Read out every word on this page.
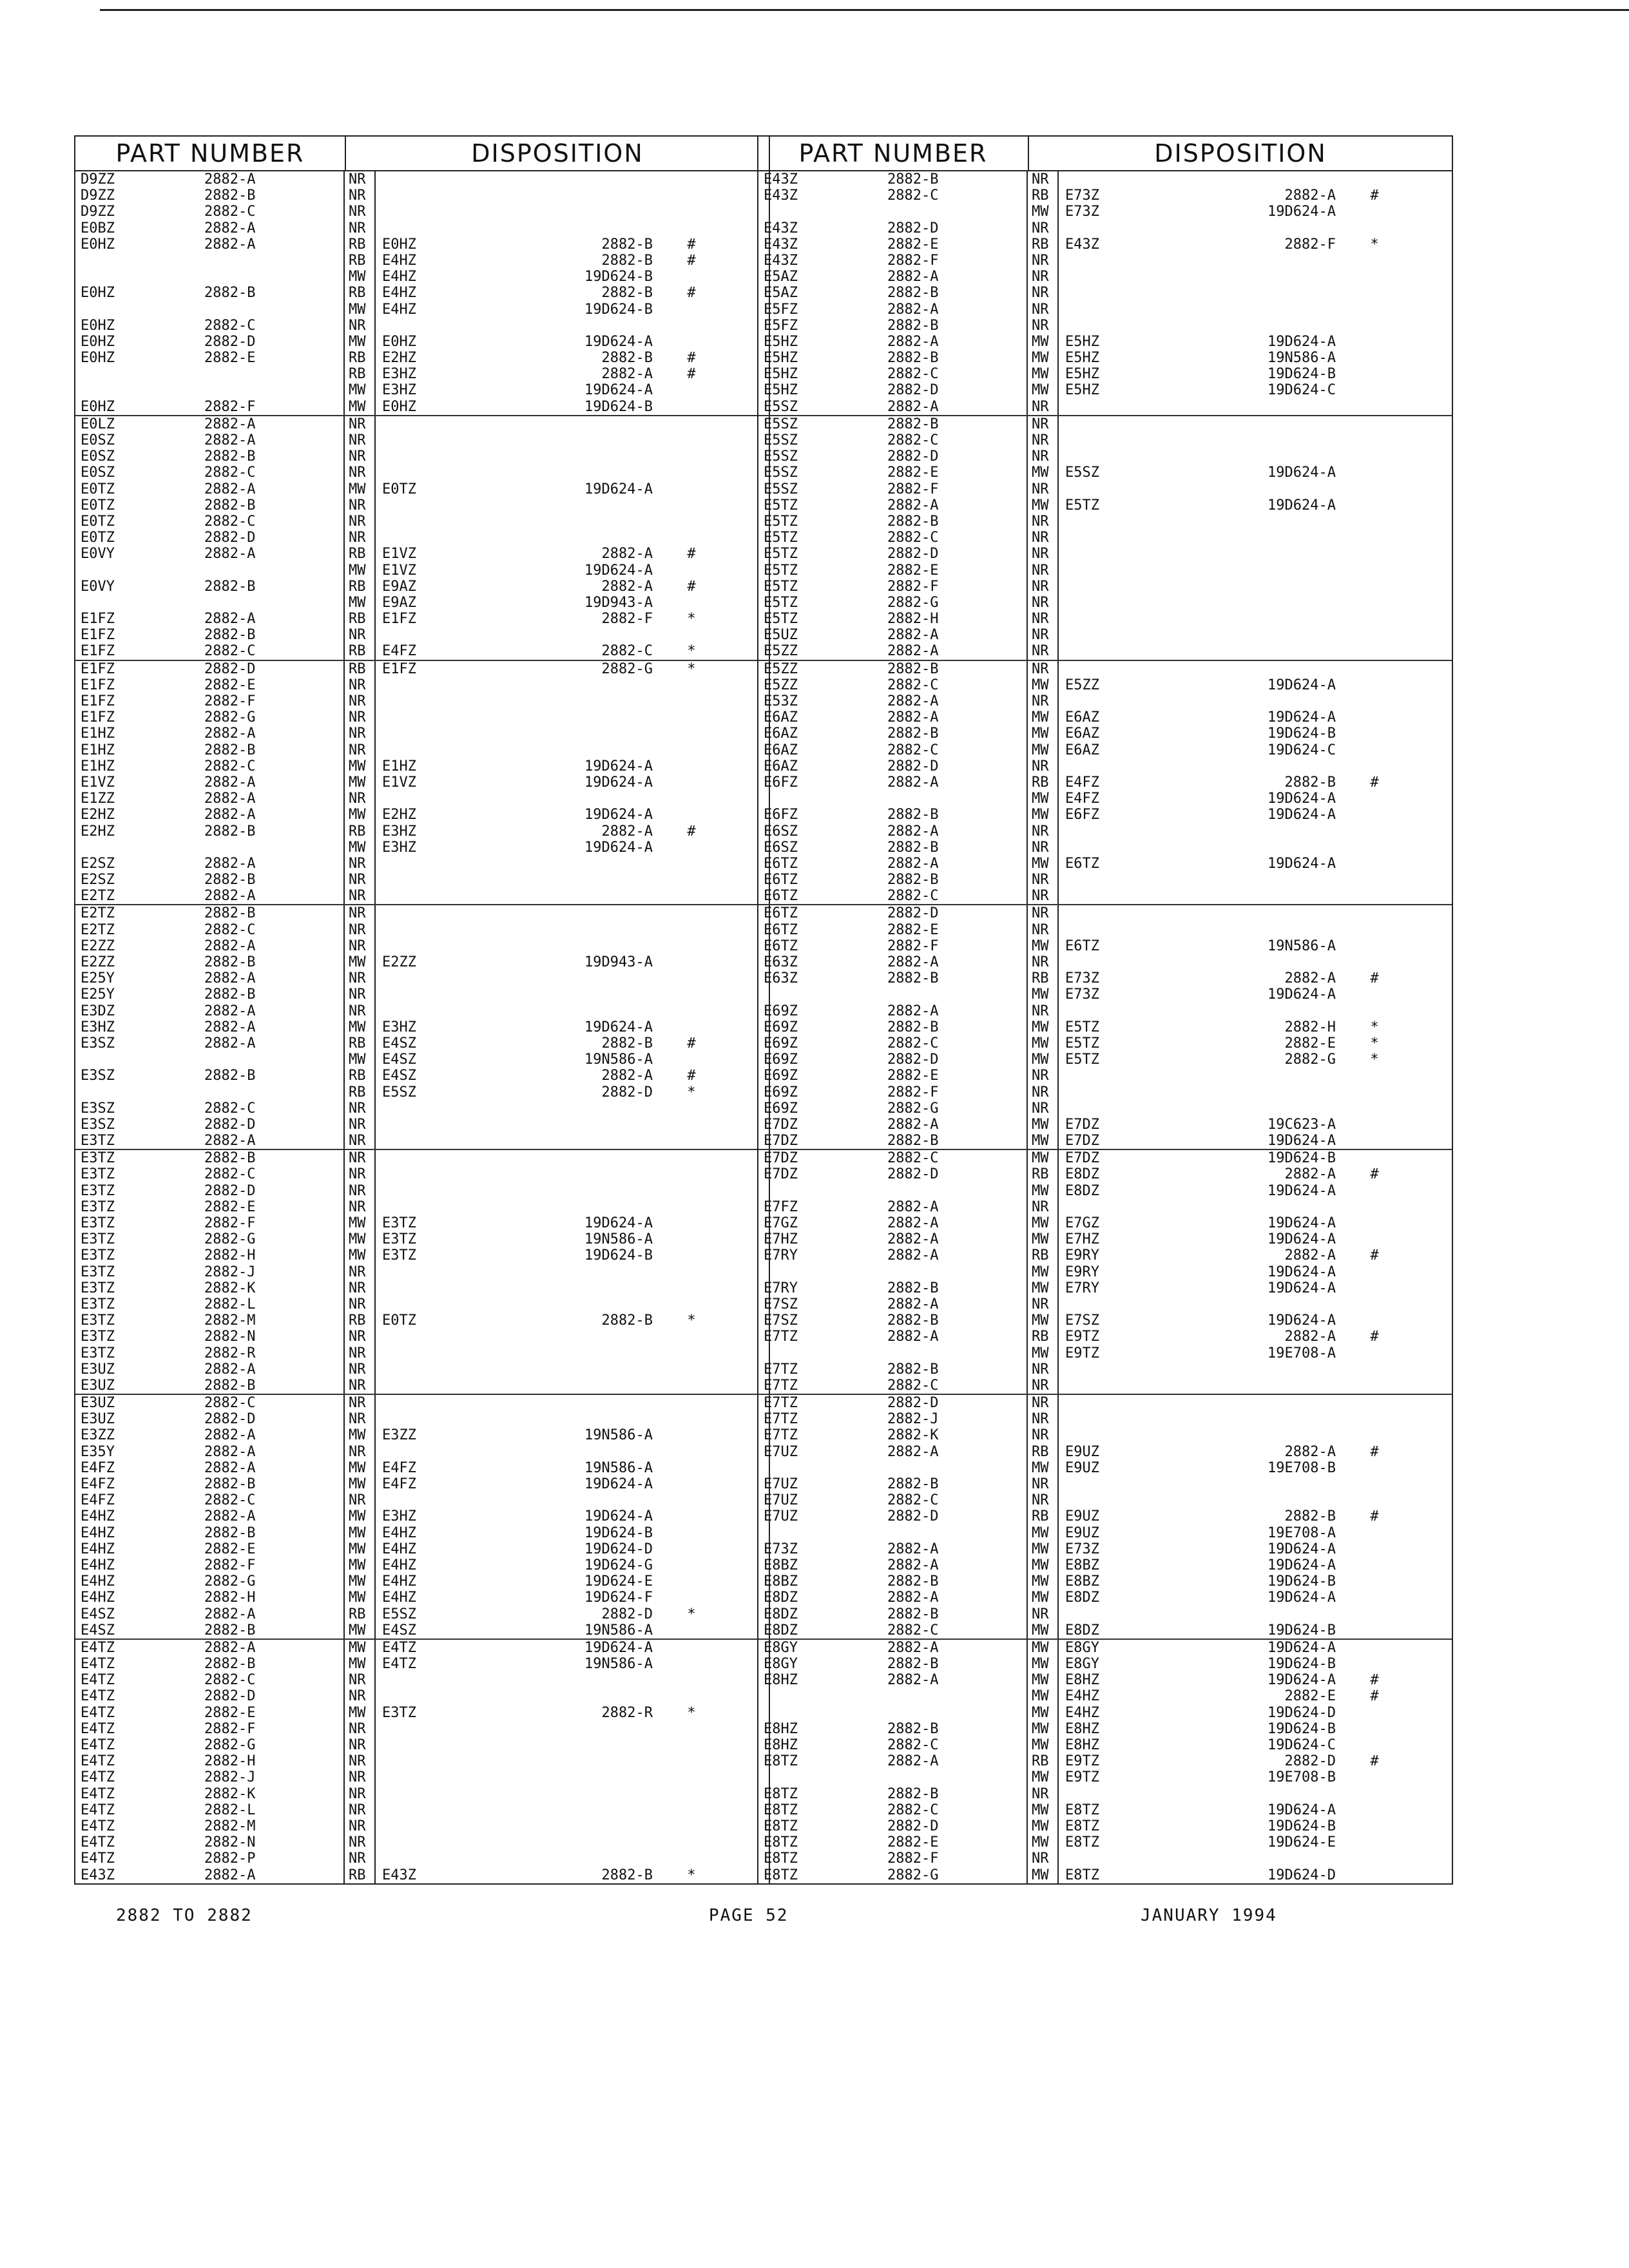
PART NUMBER	DISPOSITION
D9ZZ	2882-A	NR
D9ZZ	2882-B	NR
D9ZZ	2882-C	NR
E0BZ	2882-A	NR
E0HZ	2882-A	RB	E0HZ	2882-B	#
RB	E4HZ	2882-B	#
MW	E4HZ	19D624-B
E0HZ	2882-B	RB	E4HZ	2882-B	#
MW	E4HZ	19D624-B
E0HZ	2882-C	NR
E0HZ	2882-D	MW	E0HZ	19D624-A
E0HZ	2882-E	RB	E2HZ	2882-B	#
RB	E3HZ	2882-A	#
MW	E3HZ	19D624-A
E0HZ	2882-F	MW	E0HZ	19D624-B
E0LZ	2882-A	NR
E0SZ	2882-A	NR
E0SZ	2882-B	NR
E0SZ	2882-C	NR
E0TZ	2882-A	MW	E0TZ	19D624-A
E0TZ	2882-B	NR
E0TZ	2882-C	NR
E0TZ	2882-D	NR
E0VY	2882-A	RB	E1VZ	2882-A	#
MW	E1VZ	19D624-A
E0VY	2882-B	RB	E9AZ	2882-A	#
MW	E9AZ	19D943-A
E1FZ	2882-A	RB	E1FZ	2882-F	*
E1FZ	2882-B	NR
E1FZ	2882-C	RB	E4FZ	2882-C	*
E1FZ	2882-D	RB	E1FZ	2882-G	*
E1FZ	2882-E	NR
E1FZ	2882-F	NR
E1FZ	2882-G	NR
E1HZ	2882-A	NR
E1HZ	2882-B	NR
E1HZ	2882-C	MW	E1HZ	19D624-A
E1VZ	2882-A	MW	E1VZ	19D624-A
E1ZZ	2882-A	NR
E2HZ	2882-A	MW	E2HZ	19D624-A
E2HZ	2882-B	RB	E3HZ	2882-A	#
MW	E3HZ	19D624-A
E2SZ	2882-A	NR
E2SZ	2882-B	NR
E2TZ	2882-A	NR
E2TZ	2882-B	NR
E2TZ	2882-C	NR
E2ZZ	2882-A	NR
E2ZZ	2882-B	MW	E2ZZ	19D943-A
E25Y	2882-A	NR
E25Y	2882-B	NR
E3DZ	2882-A	NR
E3HZ	2882-A	MW	E3HZ	19D624-A
E3SZ	2882-A	RB	E4SZ	2882-B	#
MW	E4SZ	19N586-A
E3SZ	2882-B	RB	E4SZ	2882-A	#
RB	E5SZ	2882-D	*
E3SZ	2882-C	NR
E3SZ	2882-D	NR
E3TZ	2882-A	NR
E3TZ	2882-B	NR
E3TZ	2882-C	NR
E3TZ	2882-D	NR
E3TZ	2882-E	NR
E3TZ	2882-F	MW	E3TZ	19D624-A
E3TZ	2882-G	MW	E3TZ	19N586-A
E3TZ	2882-H	MW	E3TZ	19D624-B
E3TZ	2882-J	NR
E3TZ	2882-K	NR
E3TZ	2882-L	NR
E3TZ	2882-M	RB	E0TZ	2882-B	*
E3TZ	2882-N	NR
E3TZ	2882-R	NR
E3UZ	2882-A	NR
E3UZ	2882-B	NR
E3UZ	2882-C	NR
E3UZ	2882-D	NR
E3ZZ	2882-A	MW	E3ZZ	19N586-A
E35Y	2882-A	NR
E4FZ	2882-A	MW	E4FZ	19N586-A
E4FZ	2882-B	MW	E4FZ	19D624-A
E4FZ	2882-C	NR
E4HZ	2882-A	MW	E3HZ	19D624-A
E4HZ	2882-B	MW	E4HZ	19D624-B
E4HZ	2882-E	MW	E4HZ	19D624-D
E4HZ	2882-F	MW	E4HZ	19D624-G
E4HZ	2882-G	MW	E4HZ	19D624-E
E4HZ	2882-H	MW	E4HZ	19D624-F
E4SZ	2882-A	RB	E5SZ	2882-D	*
E4SZ	2882-B	MW	E4SZ	19N586-A
E4TZ	2882-A	MW	E4TZ	19D624-A
E4TZ	2882-B	MW	E4TZ	19N586-A
E4TZ	2882-C	NR
E4TZ	2882-D	NR
E4TZ	2882-E	MW	E3TZ	2882-R	*
E4TZ	2882-F	NR
E4TZ	2882-G	NR
E4TZ	2882-H	NR
E4TZ	2882-J	NR
E4TZ	2882-K	NR
E4TZ	2882-L	NR
E4TZ	2882-M	NR
E4TZ	2882-N	NR
E4TZ	2882-P	NR
E43Z	2882-A	RB	E43Z	2882-B	*
PART NUMBER	DISPOSITION
E43Z	2882-B	NR
E43Z	2882-C	RB	E73Z	2882-A	#
MW	E73Z	19D624-A
E43Z	2882-D	NR
E43Z	2882-E	RB	E43Z	2882-F	*
E43Z	2882-F	NR
E5AZ	2882-A	NR
E5AZ	2882-B	NR
E5FZ	2882-A	NR
E5FZ	2882-B	NR
E5HZ	2882-A	MW	E5HZ	19D624-A
E5HZ	2882-B	MW	E5HZ	19N586-A
E5HZ	2882-C	MW	E5HZ	19D624-B
E5HZ	2882-D	MW	E5HZ	19D624-C
E5SZ	2882-A	NR
E5SZ	2882-B	NR
E5SZ	2882-C	NR
E5SZ	2882-D	NR
E5SZ	2882-E	MW	E5SZ	19D624-A
E5SZ	2882-F	NR
E5TZ	2882-A	MW	E5TZ	19D624-A
E5TZ	2882-B	NR
E5TZ	2882-C	NR
E5TZ	2882-D	NR
E5TZ	2882-E	NR
E5TZ	2882-F	NR
E5TZ	2882-G	NR
E5TZ	2882-H	NR
E5UZ	2882-A	NR
E5ZZ	2882-A	NR
E5ZZ	2882-B	NR
E5ZZ	2882-C	MW	E5ZZ	19D624-A
E53Z	2882-A	NR
E6AZ	2882-A	MW	E6AZ	19D624-A
E6AZ	2882-B	MW	E6AZ	19D624-B
E6AZ	2882-C	MW	E6AZ	19D624-C
E6AZ	2882-D	NR
E6FZ	2882-A	RB	E4FZ	2882-B	#
MW	E4FZ	19D624-A
E6FZ	2882-B	MW	E6FZ	19D624-A
E6SZ	2882-A	NR
E6SZ	2882-B	NR
E6TZ	2882-A	MW	E6TZ	19D624-A
E6TZ	2882-B	NR
E6TZ	2882-C	NR
E6TZ	2882-D	NR
E6TZ	2882-E	NR
E6TZ	2882-F	MW	E6TZ	19N586-A
E63Z	2882-A	NR
E63Z	2882-B	RB	E73Z	2882-A	#
MW	E73Z	19D624-A
E69Z	2882-A	NR
E69Z	2882-B	MW	E5TZ	2882-H	*
E69Z	2882-C	MW	E5TZ	2882-E	*
E69Z	2882-D	MW	E5TZ	2882-G	*
E69Z	2882-E	NR
E69Z	2882-F	NR
E69Z	2882-G	NR
E7DZ	2882-A	MW	E7DZ	19C623-A
E7DZ	2882-B	MW	E7DZ	19D624-A
E7DZ	2882-C	MW	E7DZ	19D624-B
E7DZ	2882-D	RB	E8DZ	2882-A	#
MW	E8DZ	19D624-A
E7FZ	2882-A	NR
E7GZ	2882-A	MW	E7GZ	19D624-A
E7HZ	2882-A	MW	E7HZ	19D624-A
E7RY	2882-A	RB	E9RY	2882-A	#
MW	E9RY	19D624-A
E7RY	2882-B	MW	E7RY	19D624-A
E7SZ	2882-A	NR
E7SZ	2882-B	MW	E7SZ	19D624-A
E7TZ	2882-A	RB	E9TZ	2882-A	#
MW	E9TZ	19E708-A
E7TZ	2882-B	NR
E7TZ	2882-C	NR
E7TZ	2882-D	NR
E7TZ	2882-J	NR
E7TZ	2882-K	NR
E7UZ	2882-A	RB	E9UZ	2882-A	#
MW	E9UZ	19E708-B
E7UZ	2882-B	NR
E7UZ	2882-C	NR
E7UZ	2882-D	RB	E9UZ	2882-B	#
MW	E9UZ	19E708-A
E73Z	2882-A	MW	E73Z	19D624-A
E8BZ	2882-A	MW	E8BZ	19D624-A
E8BZ	2882-B	MW	E8BZ	19D624-B
E8DZ	2882-A	MW	E8DZ	19D624-A
E8DZ	2882-B	NR
E8DZ	2882-C	MW	E8DZ	19D624-B
E8GY	2882-A	MW	E8GY	19D624-A
E8GY	2882-B	MW	E8GY	19D624-B
E8HZ	2882-A	MW	E8HZ	19D624-A	#
MW	E4HZ	2882-E	#
MW	E4HZ	19D624-D
E8HZ	2882-B	MW	E8HZ	19D624-B
E8HZ	2882-C	MW	E8HZ	19D624-C
E8TZ	2882-A	RB	E9TZ	2882-D	#
MW	E9TZ	19E708-B
E8TZ	2882-B	NR
E8TZ	2882-C	MW	E8TZ	19D624-A
E8TZ	2882-D	MW	E8TZ	19D624-B
E8TZ	2882-E	MW	E8TZ	19D624-E
E8TZ	2882-F	NR
E8TZ	2882-G	MW	E8TZ	19D624-D
2882 TO 2882	PAGE 52	JANUARY 1994
